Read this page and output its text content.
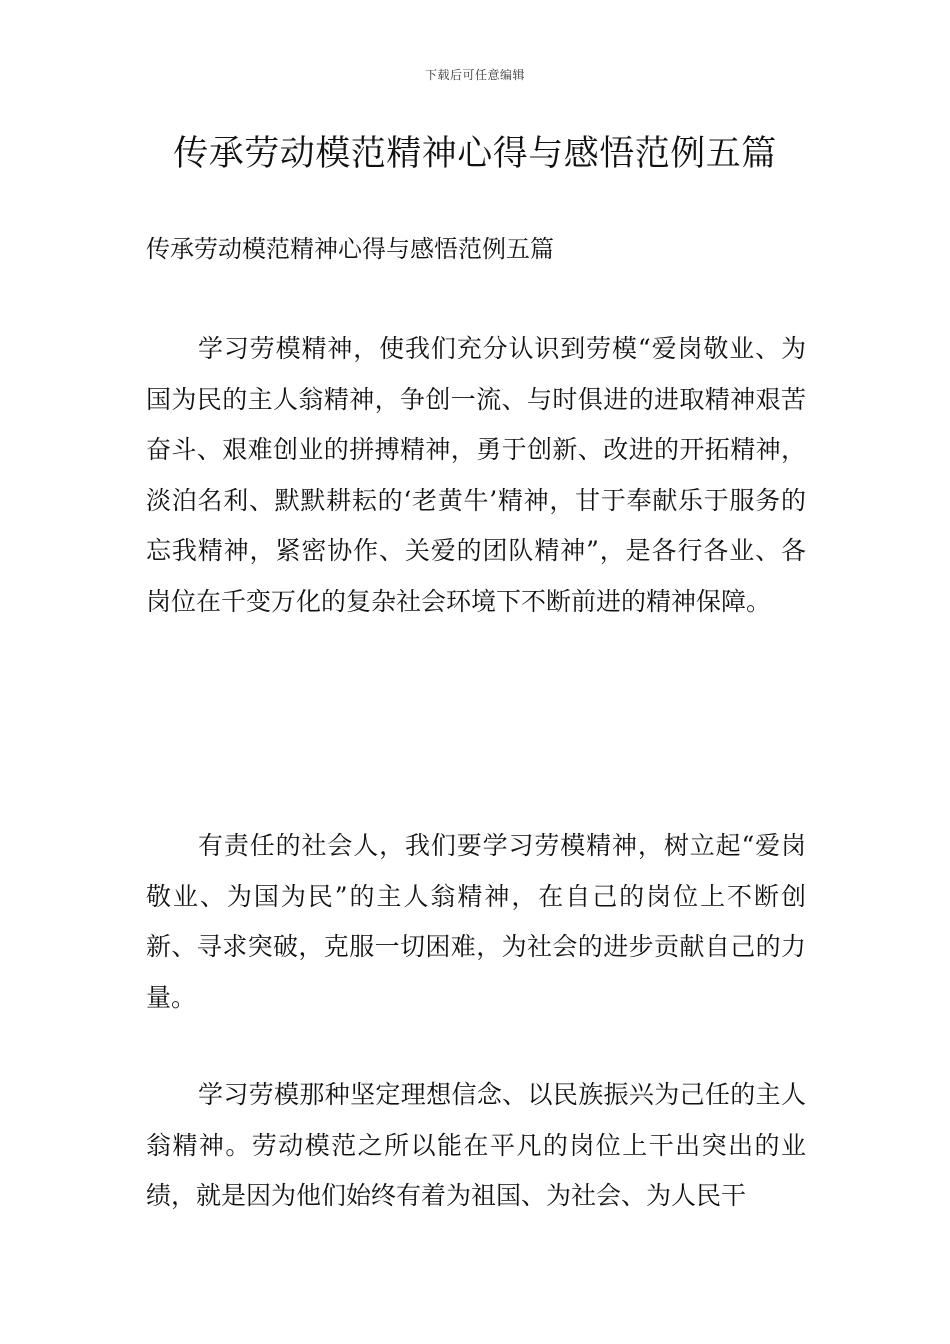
下载后可任意编辑
传承劳动模范精神心得与感悟范例五篇

传承劳动模范精神心得与感悟范例五篇

学习劳模精神，使我们充分认识到劳模“爱岗敬业、为国为民的主人翁精神，争创一流、与时俱进的进取精神艰苦奋斗、艰难创业的拼搏精神，勇于创新、改进的开拓精神，淡泊名利、默默耕耘的‘老黄牛’精神，甘于奉献乐于服务的忘我精神，紧密协作、关爱的团队精神”，是各行各业、各岗位在千变万化的复杂社会环境下不断前进的精神保障。

有责任的社会人，我们要学习劳模精神，树立起“爱岗敬业、为国为民”的主人翁精神，在自己的岗位上不断创新、寻求突破，克服一切困难，为社会的进步贡献自己的力量。

学习劳模那种坚定理想信念、以民族振兴为己任的主人翁精神。劳动模范之所以能在平凡的岗位上干出突出的业绩，就是因为他们始终有着为祖国、为社会、为人民干
